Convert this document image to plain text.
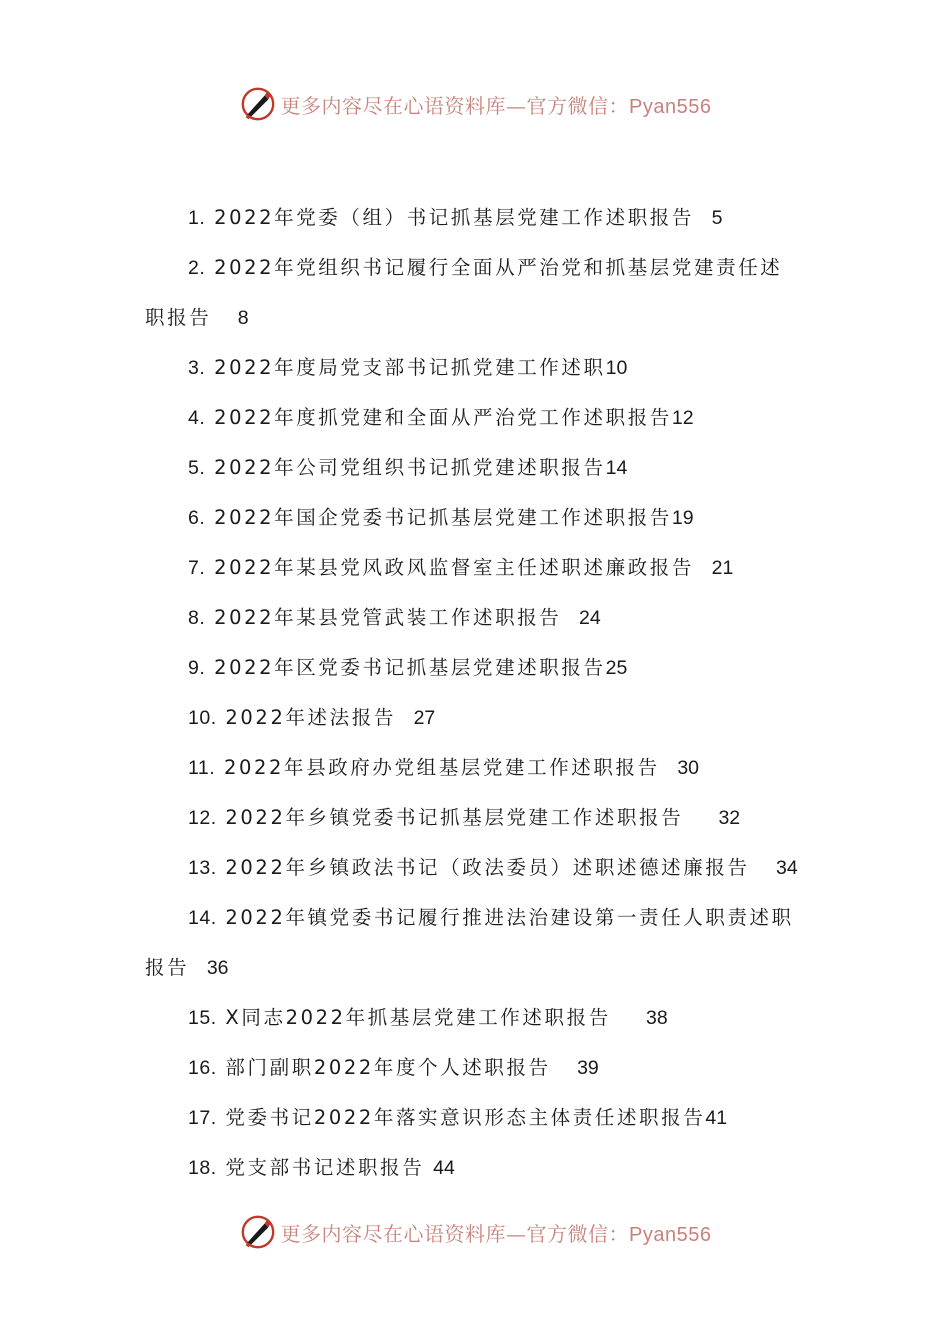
更多内容尽在心语资料库—官方微信：Pyan556
1. 2022年党委（组）书记抓基层党建工作述职报告 5
2. 2022年党组织书记履行全面从严治党和抓基层党建责任述
职报告 8
3. 2022年度局党支部书记抓党建工作述职10
4. 2022年度抓党建和全面从严治党工作述职报告12
5. 2022年公司党组织书记抓党建述职报告14
6. 2022年国企党委书记抓基层党建工作述职报告19
7. 2022年某县党风政风监督室主任述职述廉政报告 21
8. 2022年某县党管武装工作述职报告 24
9. 2022年区党委书记抓基层党建述职报告25
10. 2022年述法报告 27
11. 2022年县政府办党组基层党建工作述职报告 30
12. 2022年乡镇党委书记抓基层党建工作述职报告 32
13. 2022年乡镇政法书记（政法委员）述职述德述廉报告 34
14. 2022年镇党委书记履行推进法治建设第一责任人职责述职
报告 36
15. X同志2022年抓基层党建工作述职报告 38
16. 部门副职2022年度个人述职报告 39
17. 党委书记2022年落实意识形态主体责任述职报告41
18. 党支部书记述职报告 44
更多内容尽在心语资料库—官方微信：Pyan556
